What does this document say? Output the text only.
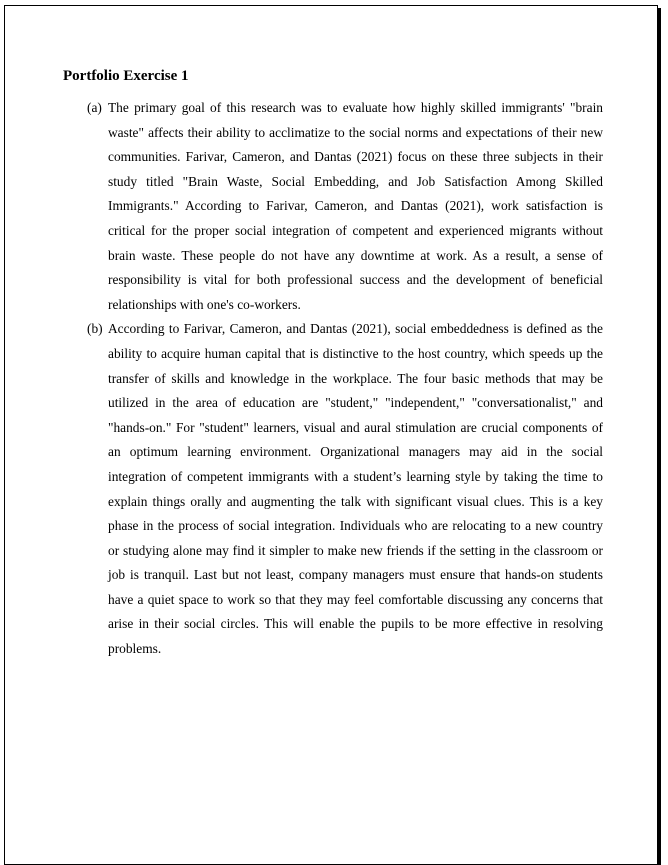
Portfolio Exercise 1
(a) The primary goal of this research was to evaluate how highly skilled immigrants' "brain waste" affects their ability to acclimatize to the social norms and expectations of their new communities. Farivar, Cameron, and Dantas (2021) focus on these three subjects in their study titled "Brain Waste, Social Embedding, and Job Satisfaction Among Skilled Immigrants." According to Farivar, Cameron, and Dantas (2021), work satisfaction is critical for the proper social integration of competent and experienced migrants without brain waste. These people do not have any downtime at work. As a result, a sense of responsibility is vital for both professional success and the development of beneficial relationships with one's co-workers.
(b) According to Farivar, Cameron, and Dantas (2021), social embeddedness is defined as the ability to acquire human capital that is distinctive to the host country, which speeds up the transfer of skills and knowledge in the workplace. The four basic methods that may be utilized in the area of education are "student," "independent," "conversationalist," and "hands-on." For "student" learners, visual and aural stimulation are crucial components of an optimum learning environment. Organizational managers may aid in the social integration of competent immigrants with a student’s learning style by taking the time to explain things orally and augmenting the talk with significant visual clues. This is a key phase in the process of social integration. Individuals who are relocating to a new country or studying alone may find it simpler to make new friends if the setting in the classroom or job is tranquil. Last but not least, company managers must ensure that hands-on students have a quiet space to work so that they may feel comfortable discussing any concerns that arise in their social circles. This will enable the pupils to be more effective in resolving problems.
